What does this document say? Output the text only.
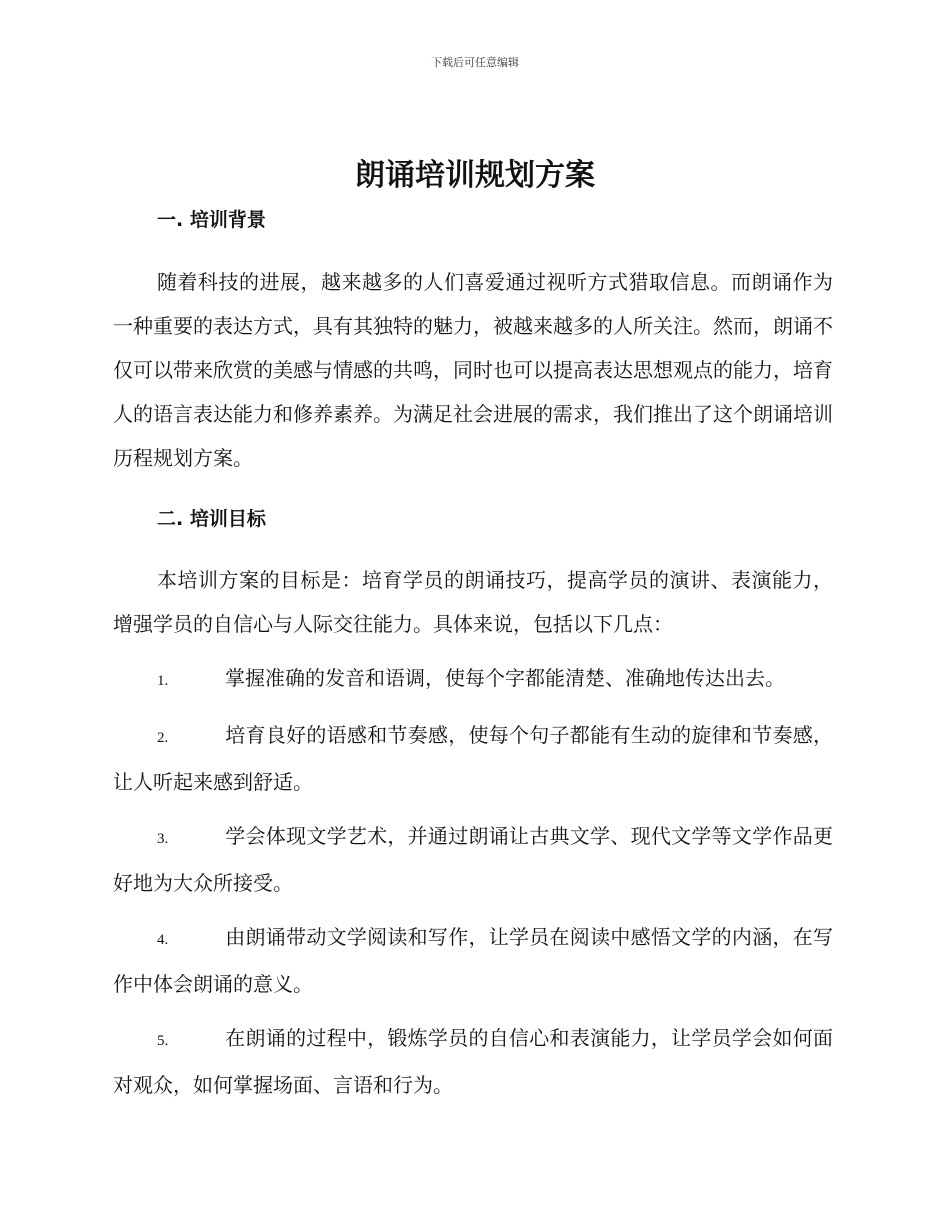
下载后可任意编辑
朗诵培训规划方案
一. 培训背景

随着科技的进展，越来越多的人们喜爱通过视听方式猎取信息。而朗诵作为一种重要的表达方式，具有其独特的魅力，被越来越多的人所关注。然而，朗诵不仅可以带来欣赏的美感与情感的共鸣，同时也可以提高表达思想观点的能力，培育人的语言表达能力和修养素养。为满足社会进展的需求，我们推出了这个朗诵培训历程规划方案。

二. 培训目标

本培训方案的目标是：培育学员的朗诵技巧，提高学员的演讲、表演能力，增强学员的自信心与人际交往能力。具体来说，包括以下几点：

1.	掌握准确的发音和语调，使每个字都能清楚、准确地传达出去。

2.	培育良好的语感和节奏感，使每个句子都能有生动的旋律和节奏感，让人听起来感到舒适。

3.	学会体现文学艺术，并通过朗诵让古典文学、现代文学等文学作品更好地为大众所接受。

4.	由朗诵带动文学阅读和写作，让学员在阅读中感悟文学的内涵，在写作中体会朗诵的意义。

5.	在朗诵的过程中，锻炼学员的自信心和表演能力，让学员学会如何面对观众，如何掌握场面、言语和行为。
